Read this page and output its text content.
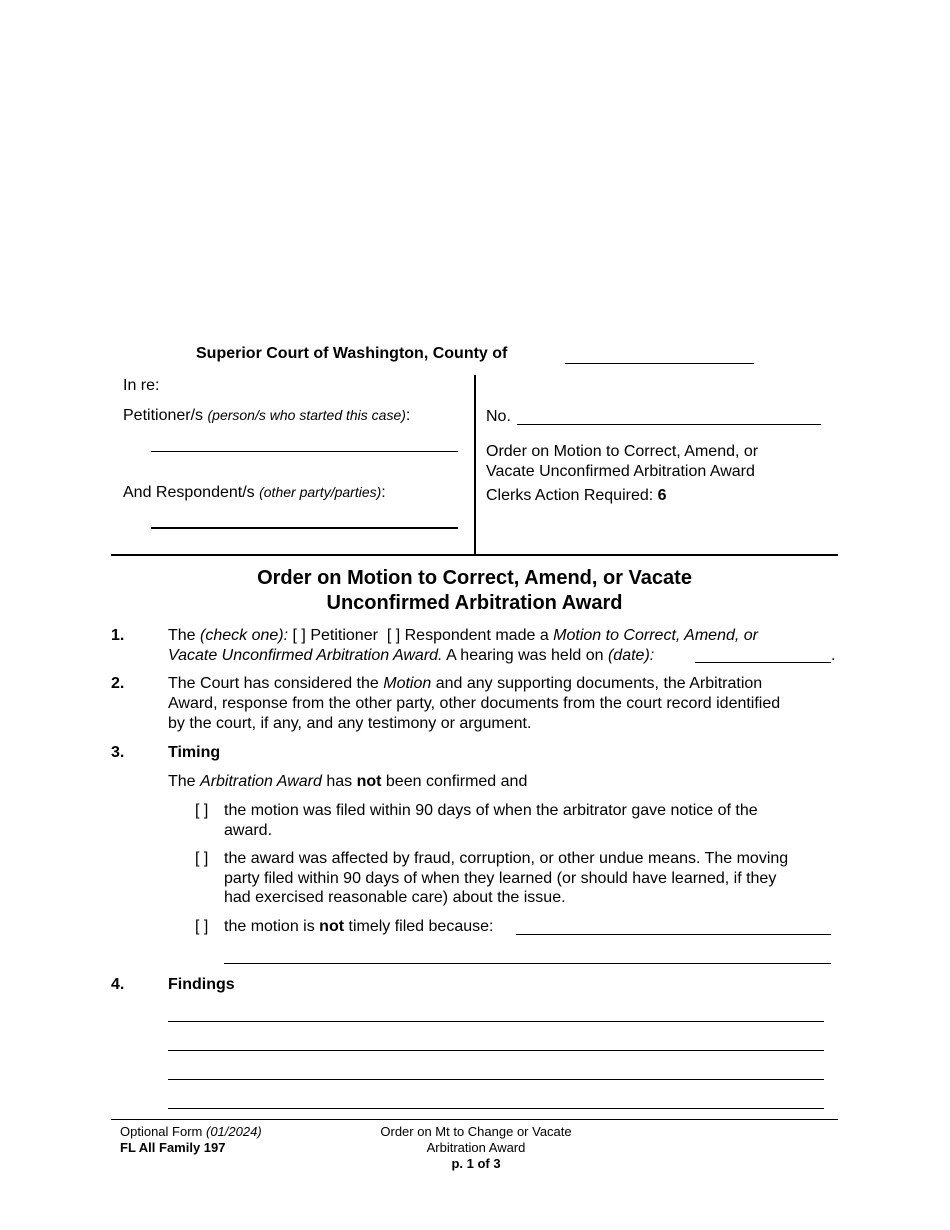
Superior Court of Washington, County of
In re:
Petitioner/s (person/s who started this case):
And Respondent/s (other party/parties):
No.
Order on Motion to Correct, Amend, or
Vacate Unconfirmed Arbitration Award
Clerks Action Required: 6
Order on Motion to Correct, Amend, or Vacate
Unconfirmed Arbitration Award
1.	The (check one): [ ] Petitioner [ ] Respondent made a Motion to Correct, Amend, or
Vacate Unconfirmed Arbitration Award. A hearing was held on (date):	.
2.	The Court has considered the Motion and any supporting documents, the Arbitration
Award, response from the other party, other documents from the court record identified
by the court, if any, and any testimony or argument.
3.	Timing
The Arbitration Award has not been confirmed and
[ ] the motion was filed within 90 days of when the arbitrator gave notice of the
award.
[ ] the award was affected by fraud, corruption, or other undue means. The moving
party filed within 90 days of when they learned (or should have learned, if they
had exercised reasonable care) about the issue.
[ ] the motion is not timely filed because:
4.	Findings
Optional Form (01/2024)
FL All Family 197
Order on Mt to Change or Vacate
Arbitration Award
p. 1 of 3
